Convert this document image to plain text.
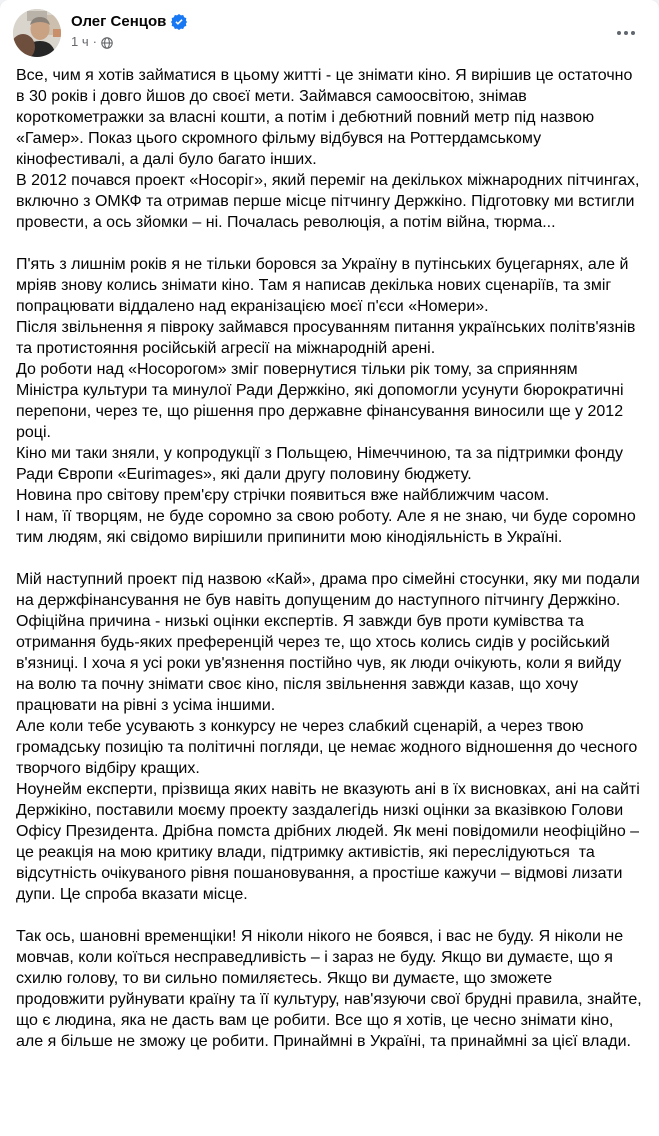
Олег Сенцов
1 ч ·
Все, чим я хотів займатися в цьому житті - це знімати кіно. Я вирішив це остаточно в 30 років і довго йшов до своєї мети. Займався самоосвітою, знімав короткометражки за власні кошти, а потім і дебютний повний метр під назвою «Гамер». Показ цього скромного фільму відбувся на Роттердамському кінофестивалі, а далі було багато інших.
В 2012 почався проект «Носоріг», який переміг на декількох міжнародних пітчингах, включно з ОМКФ та отримав перше місце пітчингу Держкіно. Підготовку ми встигли провести, а ось зйомки – ні. Почалась революція, а потім війна, тюрма...
П'ять з лишнім років я не тільки боровся за Україну в путінських буцегарнях, але й мріяв знову колись знімати кіно. Там я написав декілька нових сценаріїв, та зміг попрацювати віддалено над екранізацією моєї п'єси «Номери».
Після звільнення я півроку займався просуванням питання українських політв'язнів та протистояння російській агресії на міжнародній арені.
До роботи над «Носорогом» зміг повернутися тільки рік тому, за сприянням Міністра культури та минулої Ради Держкіно, які допомогли усунути бюрократичні перепони, через те, що рішення про державне фінансування виносили ще у 2012 році.
Кіно ми таки зняли, у копродукції з Польщею, Німеччиною, та за підтримки фонду Ради Європи «Eurimages», які дали другу половину бюджету.
Новина про світову прем'єру стрічки появиться вже найближчим часом.
І нам, її творцям, не буде соромно за свою роботу. Але я не знаю, чи буде соромно тим людям, які свідомо вирішили припинити мою кінодіяльність в Україні.
Мій наступний проект під назвою «Кай», драма про сімейні стосунки, яку ми подали на держфінансування не був навіть допущеним до наступного пітчингу Держкіно. Офіційна причина - низькі оцінки експертів. Я завжди був проти кумівства та отримання будь-яких преференцій через те, що хтось колись сидів у російський в'язниці. І хоча я усі роки ув'язнення постійно чув, як люди очікують, коли я вийду на волю та почну знімати своє кіно, після звільнення завжди казав, що хочу працювати на рівні з усіма іншими.
Але коли тебе усувають з конкурсу не через слабкий сценарій, а через твою громадську позицію та політичні погляди, це немає жодного відношення до чесного творчого відбіру кращих.
Ноунейм експерти, прізвища яких навіть не вказують ані в їх висновках, ані на сайті Держікіно, поставили моєму проекту заздалегідь низкі оцінки за вказівкою Голови Офісу Президента. Дрібна помста дрібних людей. Як мені повідомили неофіційно – це реакція на мою критику влади, підтримку активістів, які переслідуються  та відсутність очікуваного рівня пошановування, а простіше кажучи – відмові лизати дупи. Це спроба вказати місце.
Так ось, шановні временщіки! Я ніколи нікого не боявся, і вас не буду. Я ніколи не мовчав, коли коїться несправедливість – і зараз не буду. Якщо ви думаєте, що я схилю голову, то ви сильно помиляєтесь. Якщо ви думаєте, що зможете продовжити руйнувати країну та її культуру, нав'язуючи свої брудні правила, знайте, що є людина, яка не дасть вам це робити. Все що я хотів, це чесно знімати кіно, але я більше не зможу це робити. Принаймні в Україні, та принаймні за цієї влади.
